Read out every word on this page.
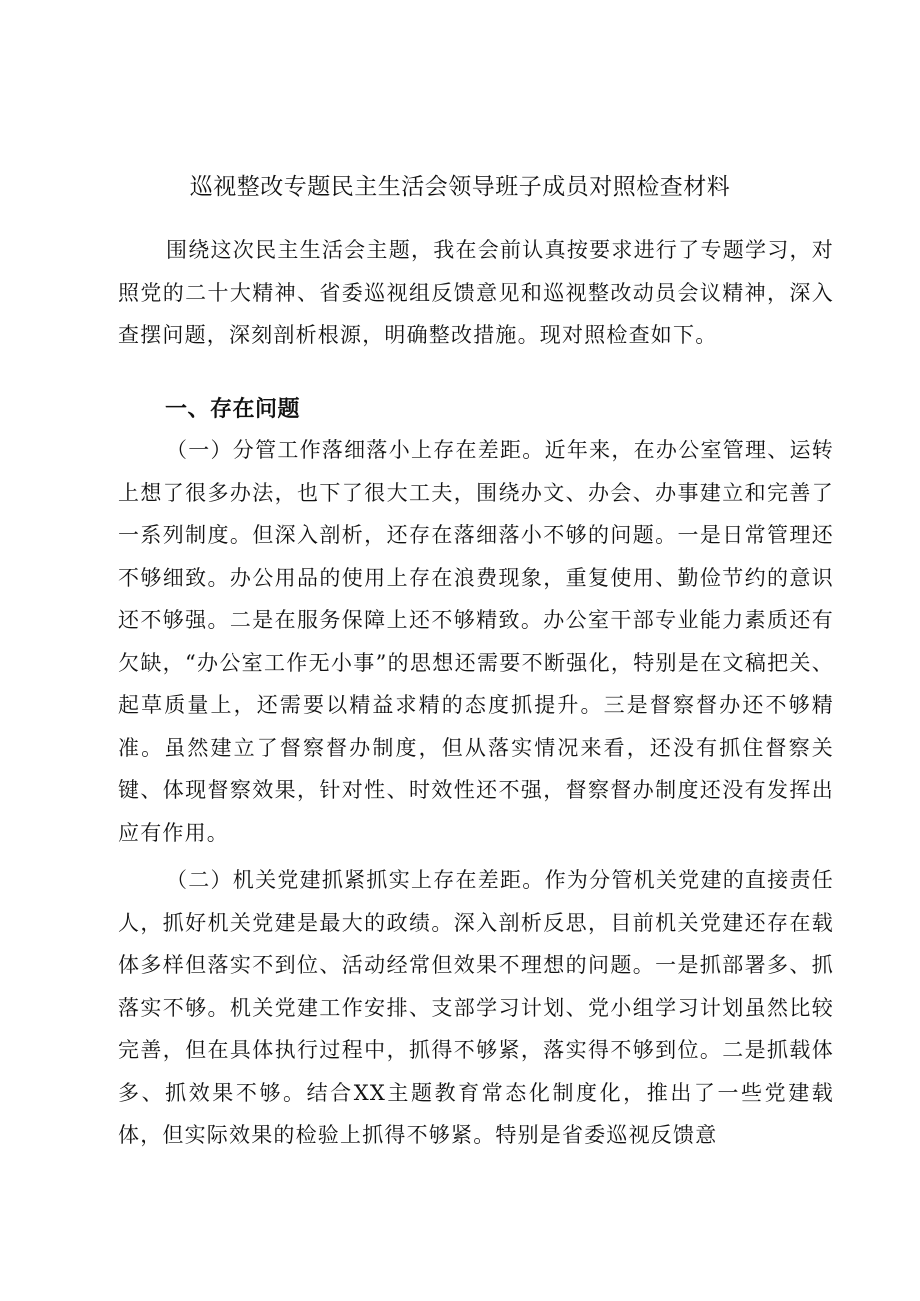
巡视整改专题民主生活会领导班子成员对照检查材料

围绕这次民主生活会主题，我在会前认真按要求进行了专题学习，对照党的二十大精神、省委巡视组反馈意见和巡视整改动员会议精神，深入查摆问题，深刻剖析根源，明确整改措施。现对照检查如下。

一、存在问题

（一）分管工作落细落小上存在差距。近年来，在办公室管理、运转上想了很多办法，也下了很大工夫，围绕办文、办会、办事建立和完善了一系列制度。但深入剖析，还存在落细落小不够的问题。一是日常管理还不够细致。办公用品的使用上存在浪费现象，重复使用、勤俭节约的意识还不够强。二是在服务保障上还不够精致。办公室干部专业能力素质还有欠缺，“办公室工作无小事”的思想还需要不断强化，特别是在文稿把关、起草质量上，还需要以精益求精的态度抓提升。三是督察督办还不够精准。虽然建立了督察督办制度，但从落实情况来看，还没有抓住督察关键、体现督察效果，针对性、时效性还不强，督察督办制度还没有发挥出应有作用。

（二）机关党建抓紧抓实上存在差距。作为分管机关党建的直接责任人，抓好机关党建是最大的政绩。深入剖析反思，目前机关党建还存在载体多样但落实不到位、活动经常但效果不理想的问题。一是抓部署多、抓落实不够。机关党建工作安排、支部学习计划、党小组学习计划虽然比较完善，但在具体执行过程中，抓得不够紧，落实得不够到位。二是抓载体多、抓效果不够。结合XX主题教育常态化制度化，推出了一些党建载体，但实际效果的检验上抓得不够紧。特别是省委巡视反馈意
